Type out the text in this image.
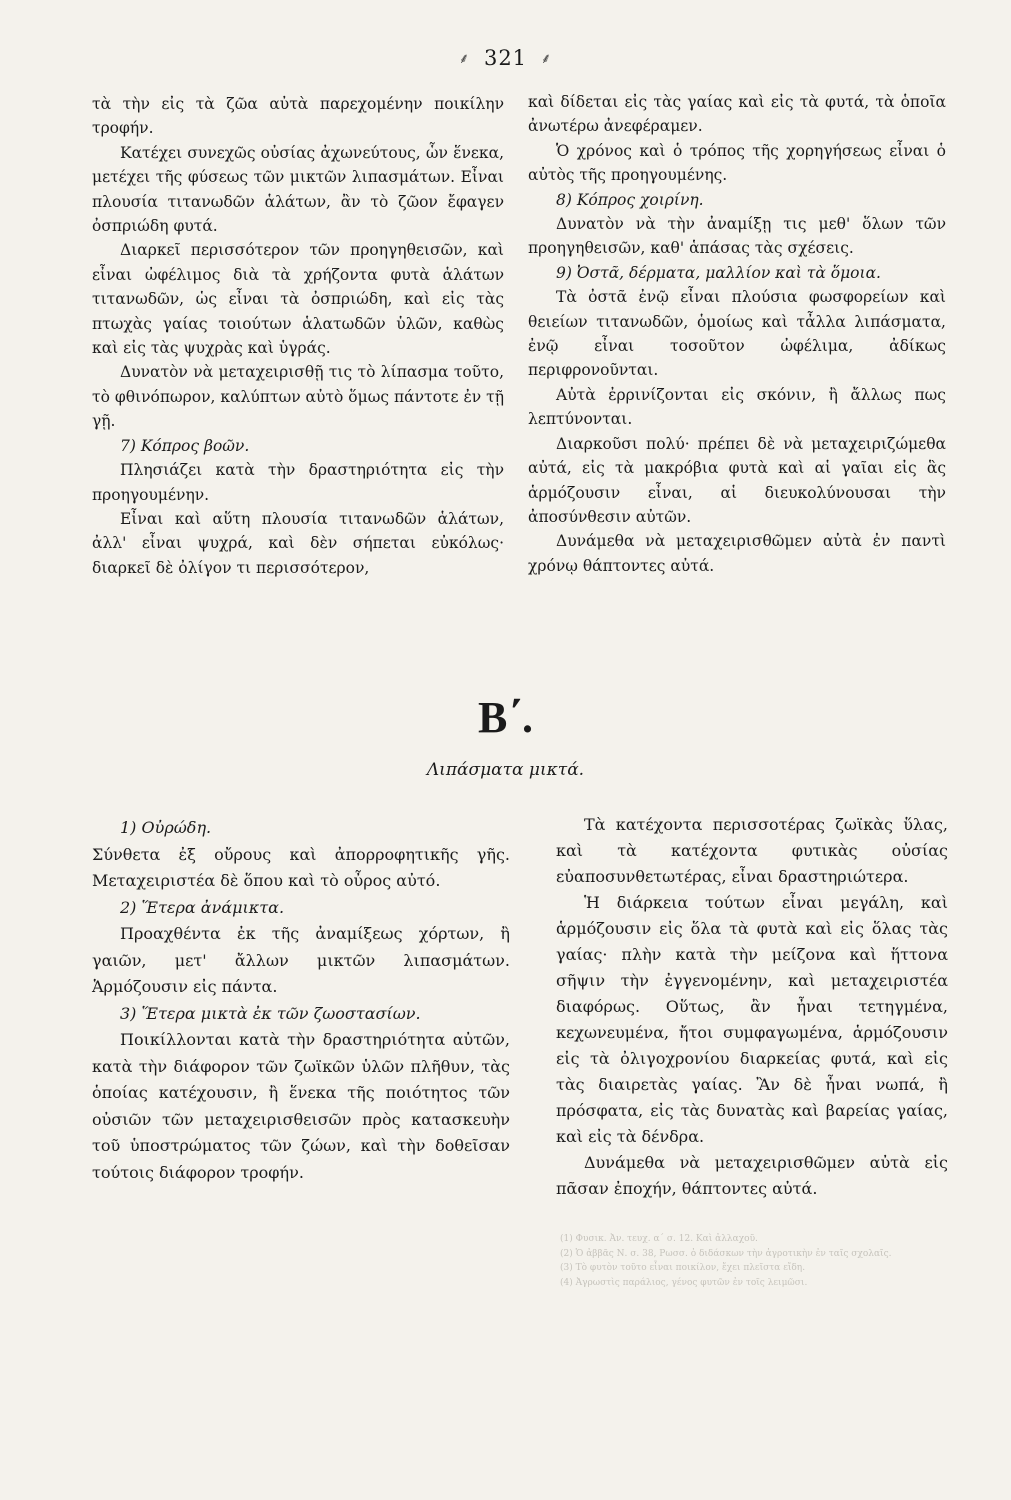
⸙ 321 ⸙

τὰ τὴν εἰς τὰ ζῶα αὐτὰ παρεχομένην ποικίλην τροφήν.

Κατέχει συνεχῶς οὐσίας ἀχωνεύτους, ὧν ἕνεκα, μετέχει τῆς φύσεως τῶν μικτῶν λιπασμάτων. Εἶναι πλουσία τιτανωδῶν ἁλάτων, ἂν τὸ ζῶον ἔφαγεν ὀσπριώδη φυτά.

Διαρκεῖ περισσότερον τῶν προηγηθεισῶν, καὶ εἶναι ὠφέλιμος διὰ τὰ χρήζοντα φυτὰ ἁλάτων τιτανωδῶν, ὡς εἶναι τὰ ὀσπριώδη, καὶ εἰς τὰς πτωχὰς γαίας τοιούτων ἁλατωδῶν ὑλῶν, καθὼς καὶ εἰς τὰς ψυχρὰς καὶ ὑγράς.

Δυνατὸν νὰ μεταχειρισθῇ τις τὸ λίπασμα τοῦτο, τὸ φθινόπωρον, καλύπτων αὐτὸ ὅμως πάντοτε ἐν τῇ γῇ.

7) Κόπρος βοῶν.

Πλησιάζει κατὰ τὴν δραστηριότητα εἰς τὴν προηγουμένην.

Εἶναι καὶ αὕτη πλουσία τιτανωδῶν ἁλάτων, ἀλλ' εἶναι ψυχρά, καὶ δὲν σήπεται εὐκόλως· διαρκεῖ δὲ ὀλίγον τι περισσότερον,

καὶ δίδεται εἰς τὰς γαίας καὶ εἰς τὰ φυτά, τὰ ὁποῖα ἀνωτέρω ἀνεφέραμεν.

Ὁ χρόνος καὶ ὁ τρόπος τῆς χορηγήσεως εἶναι ὁ αὐτὸς τῆς προηγουμένης.

8) Κόπρος χοιρίνη.

Δυνατὸν νὰ τὴν ἀναμίξῃ τις μεθ' ὅλων τῶν προηγηθεισῶν, καθ' ἁπάσας τὰς σχέσεις.

9) Ὀστᾶ, δέρματα, μαλλίον καὶ τὰ ὅμοια.

Τὰ ὀστᾶ ἐνῷ εἶναι πλούσια φωσφορείων καὶ θειείων τιτανωδῶν, ὁμοίως καὶ τἆλλα λιπάσματα, ἐνῷ εἶναι τοσοῦτον ὠφέλιμα, ἀδίκως περιφρονοῦνται.

Αὐτὰ ἐρρινίζονται εἰς σκόνιν, ἢ ἄλλως πως λεπτύνονται.

Διαρκοῦσι πολύ· πρέπει δὲ νὰ μεταχειριζώμεθα αὐτά, εἰς τὰ μακρόβια φυτὰ καὶ αἱ γαῖαι εἰς ἃς ἁρμόζουσιν εἶναι, αἱ διευκολύνουσαι τὴν ἀποσύνθεσιν αὐτῶν.

Δυνάμεθα νὰ μεταχειρισθῶμεν αὐτὰ ἐν παντὶ χρόνῳ θάπτοντες αὐτά.

Β΄.
Λιπάσματα μικτά.

1) Οὐρώδη.

Σύνθετα ἐξ οὔρους καὶ ἀπορροφητικῆς γῆς. Μεταχειριστέα δὲ ὅπου καὶ τὸ οὖρος αὐτό.

2) Ἕτερα ἀνάμικτα.

Προαχθέντα ἐκ τῆς ἀναμίξεως χόρτων, ἢ γαιῶν, μετ' ἄλλων μικτῶν λιπασμάτων. Ἁρμόζουσιν εἰς πάντα.

3) Ἕτερα μικτὰ ἐκ τῶν ζωοστασίων.

Ποικίλλονται κατὰ τὴν δραστηριότητα αὐτῶν, κατὰ τὴν διάφορον τῶν ζωϊκῶν ὑλῶν πλῆθυν, τὰς ὁποίας κατέχουσιν, ἢ ἕνεκα τῆς ποιότητος τῶν οὐσιῶν τῶν μεταχειρισθεισῶν πρὸς κατασκευὴν τοῦ ὑποστρώματος τῶν ζώων, καὶ τὴν δοθεῖσαν τούτοις διάφορον τροφήν.

Τὰ κατέχοντα περισσοτέρας ζωϊκὰς ὕλας, καὶ τὰ κατέχοντα φυτικὰς οὐσίας εὐαποσυνθετωτέρας, εἶναι δραστηριώτερα.

Ἡ διάρκεια τούτων εἶναι μεγάλη, καὶ ἁρμόζουσιν εἰς ὅλα τὰ φυτὰ καὶ εἰς ὅλας τὰς γαίας· πλὴν κατὰ τὴν μείζονα καὶ ἥττονα σῆψιν τὴν ἐγγενομένην, καὶ μεταχειριστέα διαφόρως. Οὕτως, ἂν ἦναι τετηγμένα, κεχωνευμένα, ἤτοι συμφαγωμένα, ἁρμόζουσιν εἰς τὰ ὀλιγοχρονίου διαρκείας φυτά, καὶ εἰς τὰς διαιρετὰς γαίας. Ἂν δὲ ἦναι νωπά, ἢ πρόσφατα, εἰς τὰς δυνατὰς καὶ βαρείας γαίας, καὶ εἰς τὰ δένδρα.

Δυνάμεθα νὰ μεταχειρισθῶμεν αὐτὰ εἰς πᾶσαν ἐποχήν, θάπτοντες αὐτά.

(1) Φυσικ. Ἀν. τευχ. α΄ σ. 12. Καὶ ἀλλαχοῦ.

(2) Ὁ ἀββᾶς Ν. σ. 38, Ρωσσ. ὁ διδάσκων τὴν ἀγροτικὴν ἐν ταῖς σχολαῖς.

(3) Τὸ φυτὸν τοῦτο εἶναι ποικίλον, ἔχει πλεῖστα εἴδη.

(4) Ἀγρωστὶς παράλιος, γένος φυτῶν ἐν τοῖς λειμῶσι.
